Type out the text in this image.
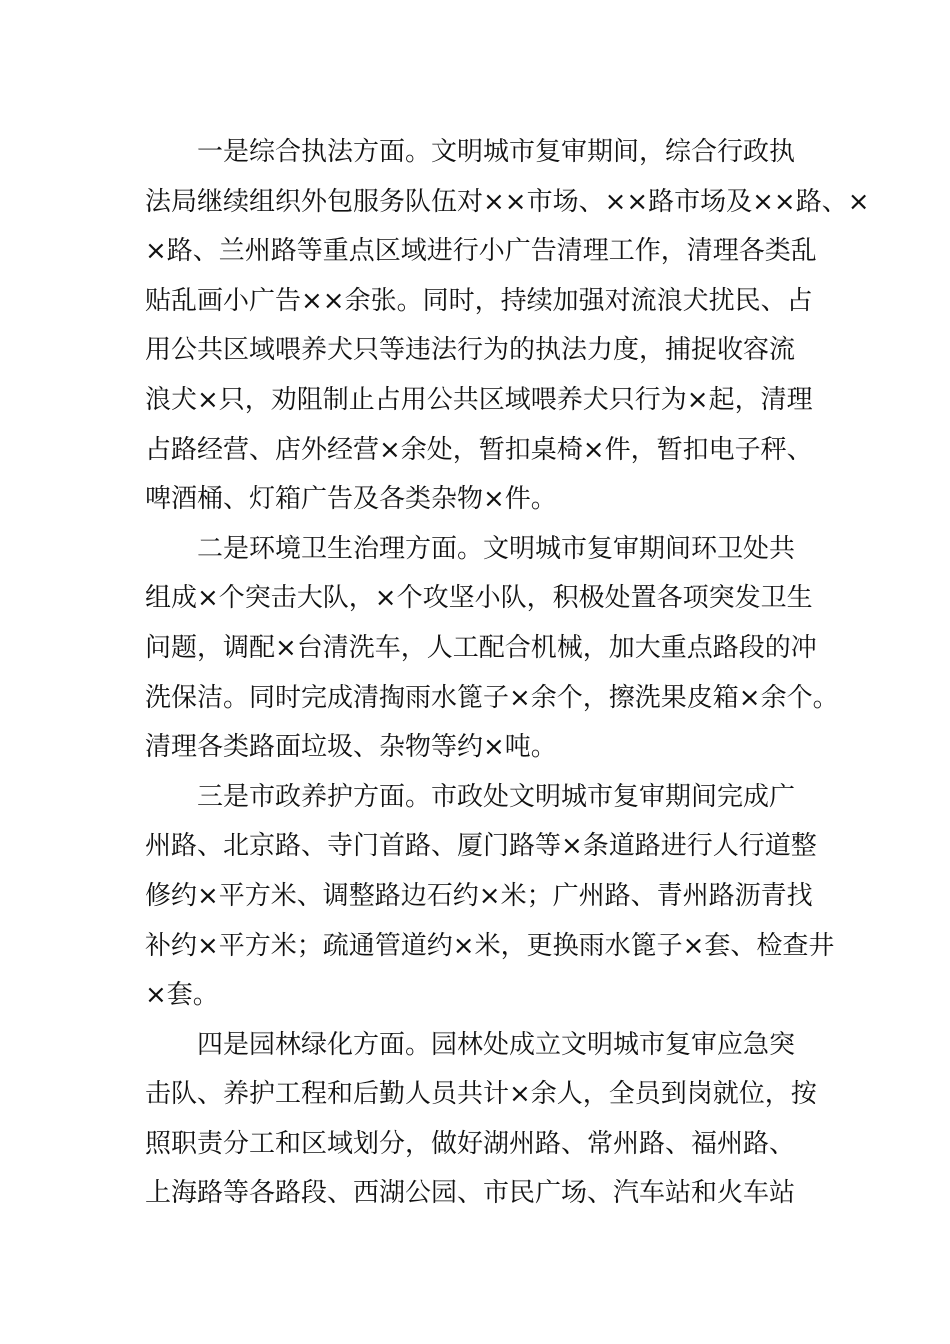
一是综合执法方面。文明城市复审期间，综合行政执
法局继续组织外包服务队伍对××市场、××路市场及××路、×
×路、兰州路等重点区域进行小广告清理工作，清理各类乱
贴乱画小广告××余张。同时，持续加强对流浪犬扰民、占
用公共区域喂养犬只等违法行为的执法力度，捕捉收容流
浪犬×只，劝阻制止占用公共区域喂养犬只行为×起，清理
占路经营、店外经营×余处，暂扣桌椅×件，暂扣电子秤、
啤酒桶、灯箱广告及各类杂物×件。
二是环境卫生治理方面。文明城市复审期间环卫处共
组成×个突击大队，×个攻坚小队，积极处置各项突发卫生
问题，调配×台清洗车，人工配合机械，加大重点路段的冲
洗保洁。同时完成清掏雨水篦子×余个，擦洗果皮箱×余个。
清理各类路面垃圾、杂物等约×吨。
三是市政养护方面。市政处文明城市复审期间完成广
州路、北京路、寺门首路、厦门路等×条道路进行人行道整
修约×平方米、调整路边石约×米；广州路、青州路沥青找
补约×平方米；疏通管道约×米，更换雨水篦子×套、检查井
×套。
四是园林绿化方面。园林处成立文明城市复审应急突
击队、养护工程和后勤人员共计×余人，全员到岗就位，按
照职责分工和区域划分，做好湖州路、常州路、福州路、
上海路等各路段、西湖公园、市民广场、汽车站和火车站
